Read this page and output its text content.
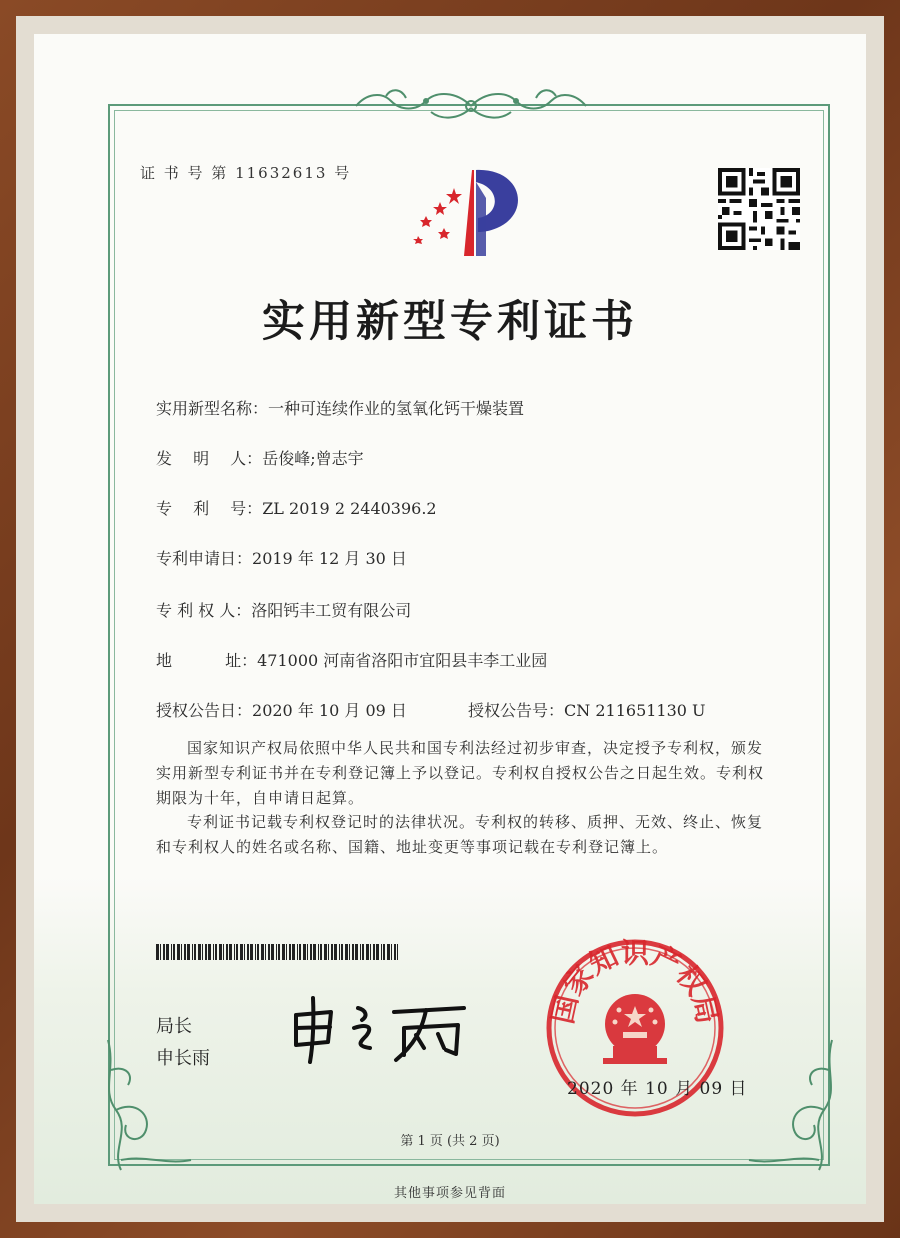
证 书 号 第 11632613 号
实用新型专利证书
实用新型名称：一种可连续作业的氢氧化钙干燥装置
发　 明　 人：岳俊峰;曾志宇
专　 利　 号：ZL 2019 2 2440396.2
专利申请日：2019 年 12 月 30 日
专 利 权 人：洛阳钙丰工贸有限公司
地　　　 址：471000 河南省洛阳市宜阳县丰李工业园
授权公告日：2020 年 10 月 09 日	授权公告号：CN 211651130 U
国家知识产权局依照中华人民共和国专利法经过初步审查，决定授予专利权，颁发实用新型专利证书并在专利登记簿上予以登记。专利权自授权公告之日起生效。专利权期限为十年，自申请日起算。
专利证书记载专利权登记时的法律状况。专利权的转移、质押、无效、终止、恢复和专利权人的姓名或名称、国籍、地址变更等事项记载在专利登记簿上。
局长
申长雨
国家知识产权局
2020 年 10 月 09 日
第 1 页 (共 2 页)
其他事项参见背面
